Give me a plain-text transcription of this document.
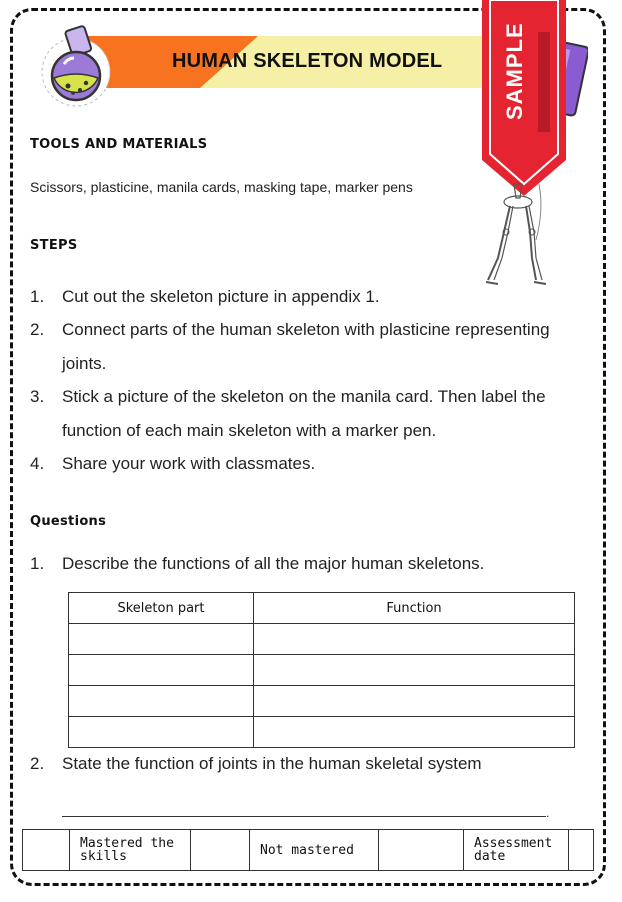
HUMAN SKELETON MODEL	SAMPLE
TOOLS AND MATERIALS
Scissors, plasticine, manila cards, masking tape, marker pens
STEPS
1. Cut out the skeleton picture in appendix 1.
2. Connect parts of the human skeleton with plasticine representing
joints.
3. Stick a picture of the skeleton on the manila card. Then label the
function of each main skeleton with a marker pen.
4. Share your work with classmates.
Questions
1. Describe the functions of all the major human skeletons.
Skeleton part	Function

2. State the function of joints in the human skeletal system
.
	Mastered the skills		Not mastered		Assessment date	
